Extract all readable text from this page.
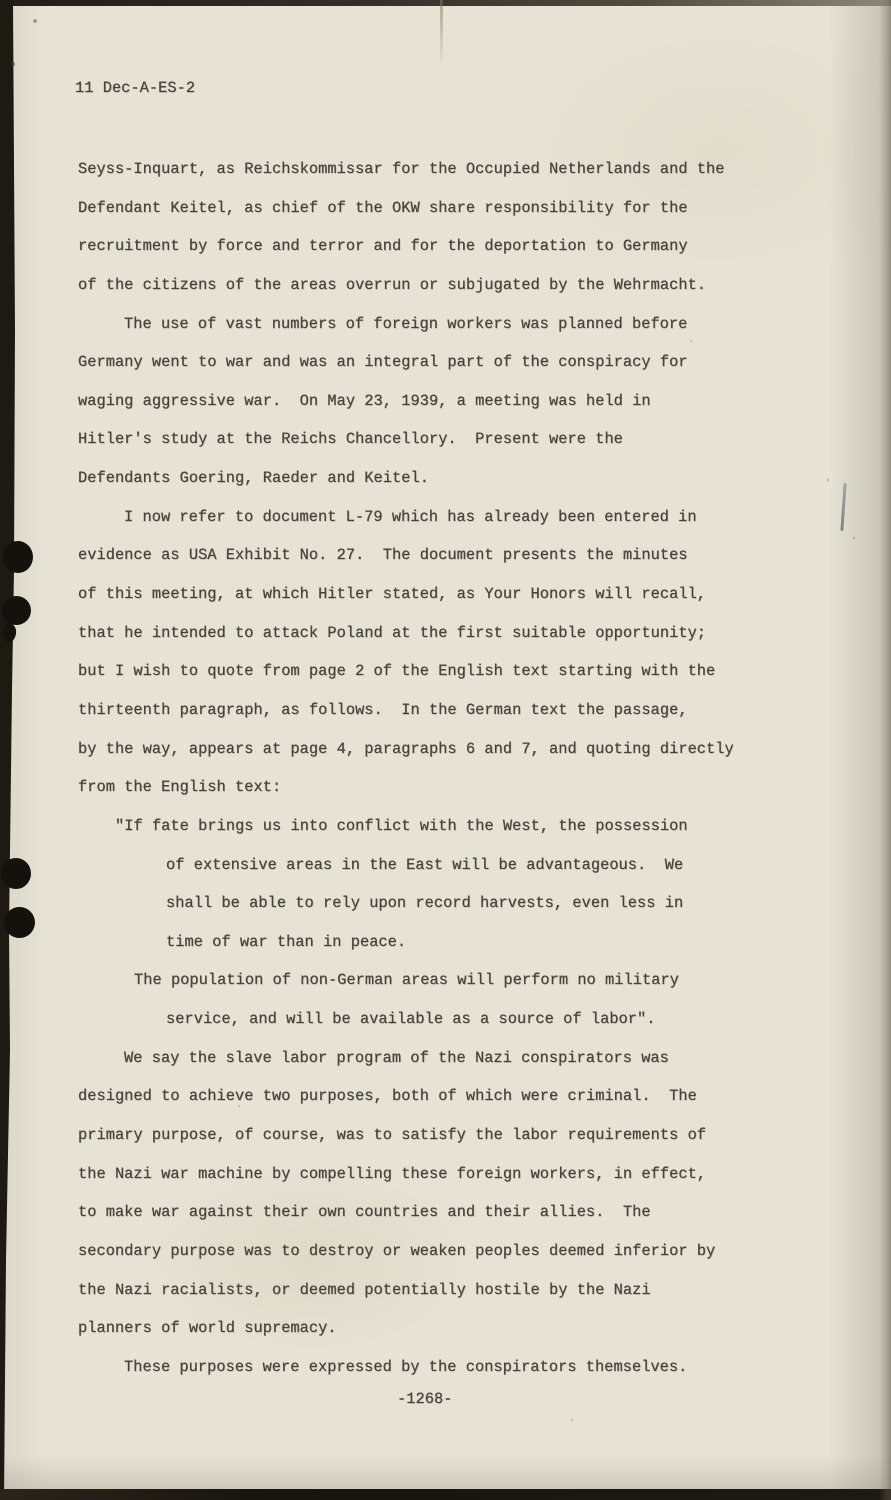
11 Dec-A-ES-2
Seyss-Inquart, as Reichskommissar for the Occupied Netherlands and the
Defendant Keitel, as chief of the OKW share responsibility for the
recruitment by force and terror and for the deportation to Germany
of the citizens of the areas overrun or subjugated by the Wehrmacht.
The use of vast numbers of foreign workers was planned before
Germany went to war and was an integral part of the conspiracy for
waging aggressive war.  On May 23, 1939, a meeting was held in
Hitler's study at the Reichs Chancellory.  Present were the
Defendants Goering, Raeder and Keitel.
I now refer to document L-79 which has already been entered in
evidence as USA Exhibit No. 27.  The document presents the minutes
of this meeting, at which Hitler stated, as Your Honors will recall,
that he intended to attack Poland at the first suitable opportunity;
but I wish to quote from page 2 of the English text starting with the
thirteenth paragraph, as follows.  In the German text the passage,
by the way, appears at page 4, paragraphs 6 and 7, and quoting directly
from the English text:
"If fate brings us into conflict with the West, the possession
of extensive areas in the East will be advantageous.  We
shall be able to rely upon record harvests, even less in
time of war than in peace.
The population of non-German areas will perform no military
service, and will be available as a source of labor".
We say the slave labor program of the Nazi conspirators was
designed to achieve two purposes, both of which were criminal.  The
primary purpose, of course, was to satisfy the labor requirements of
the Nazi war machine by compelling these foreign workers, in effect,
to make war against their own countries and their allies.  The
secondary purpose was to destroy or weaken peoples deemed inferior by
the Nazi racialists, or deemed potentially hostile by the Nazi
planners of world supremacy.
These purposes were expressed by the conspirators themselves.
-1268-
